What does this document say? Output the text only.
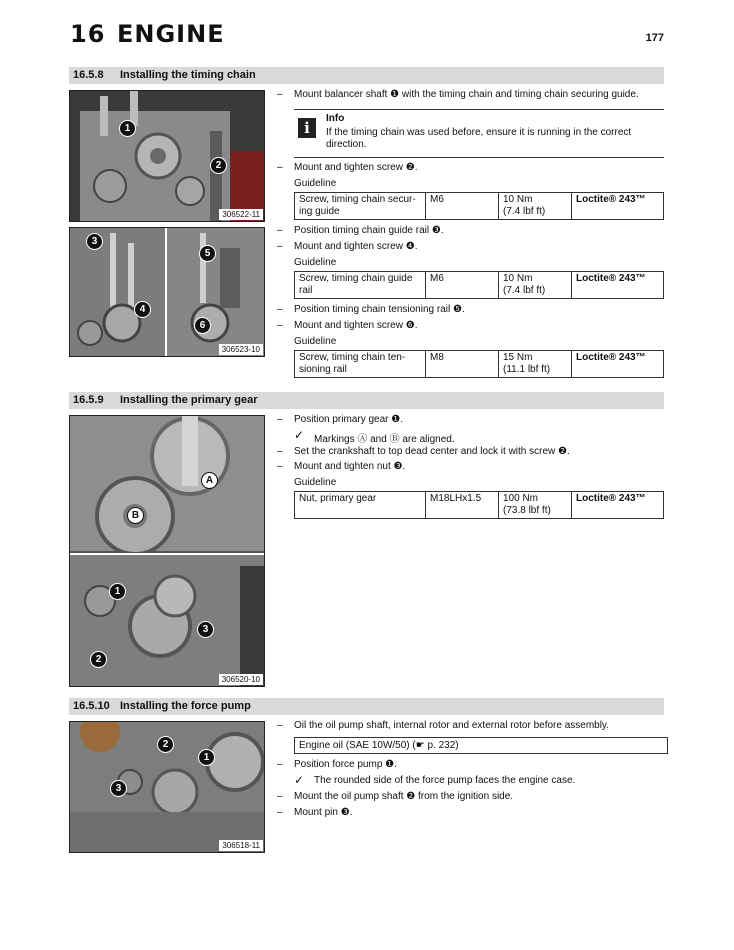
16 ENGINE	177
16.5.8 Installing the timing chain
1
2
306522-11
3
4
5
6
306523-10
– Mount balancer shaft ❶ with the timing chain and timing chain securing guide.
i
Info
If the timing chain was used before, ensure it is running in the correct direction.
– Mount and tighten screw ❷.
Guideline
Screw, timing chain secur- ing guide	M6	10 Nm
(7.4 lbf ft)	Loctite® 243™
– Position timing chain guide rail ❸.
– Mount and tighten screw ❹.
Guideline
Screw, timing chain guide rail	M6	10 Nm
(7.4 lbf ft)	Loctite® 243™
– Position timing chain tensioning rail ❺.
– Mount and tighten screw ❻.
Guideline
Screw, timing chain ten- sioning rail	M8	15 Nm
(11.1 lbf ft)	Loctite® 243™
16.5.9 Installing the primary gear
A
B
1
3
2
306520-10
– Position primary gear ❶.
✓ Markings Ⓐ and Ⓑ are aligned.
– Set the crankshaft to top dead center and lock it with screw ❷.
– Mount and tighten nut ❸.
Guideline
Nut, primary gear	M18LHx1.5	100 Nm
(73.8 lbf ft)	Loctite® 243™
16.5.10 Installing the force pump
2
1
3
306518-11
– Oil the oil pump shaft, internal rotor and external rotor before assembly.
Engine oil (SAE 10W/50) (☛ p. 232)
– Position force pump ❶.
✓ The rounded side of the force pump faces the engine case.
– Mount the oil pump shaft ❷ from the ignition side.
– Mount pin ❸.
